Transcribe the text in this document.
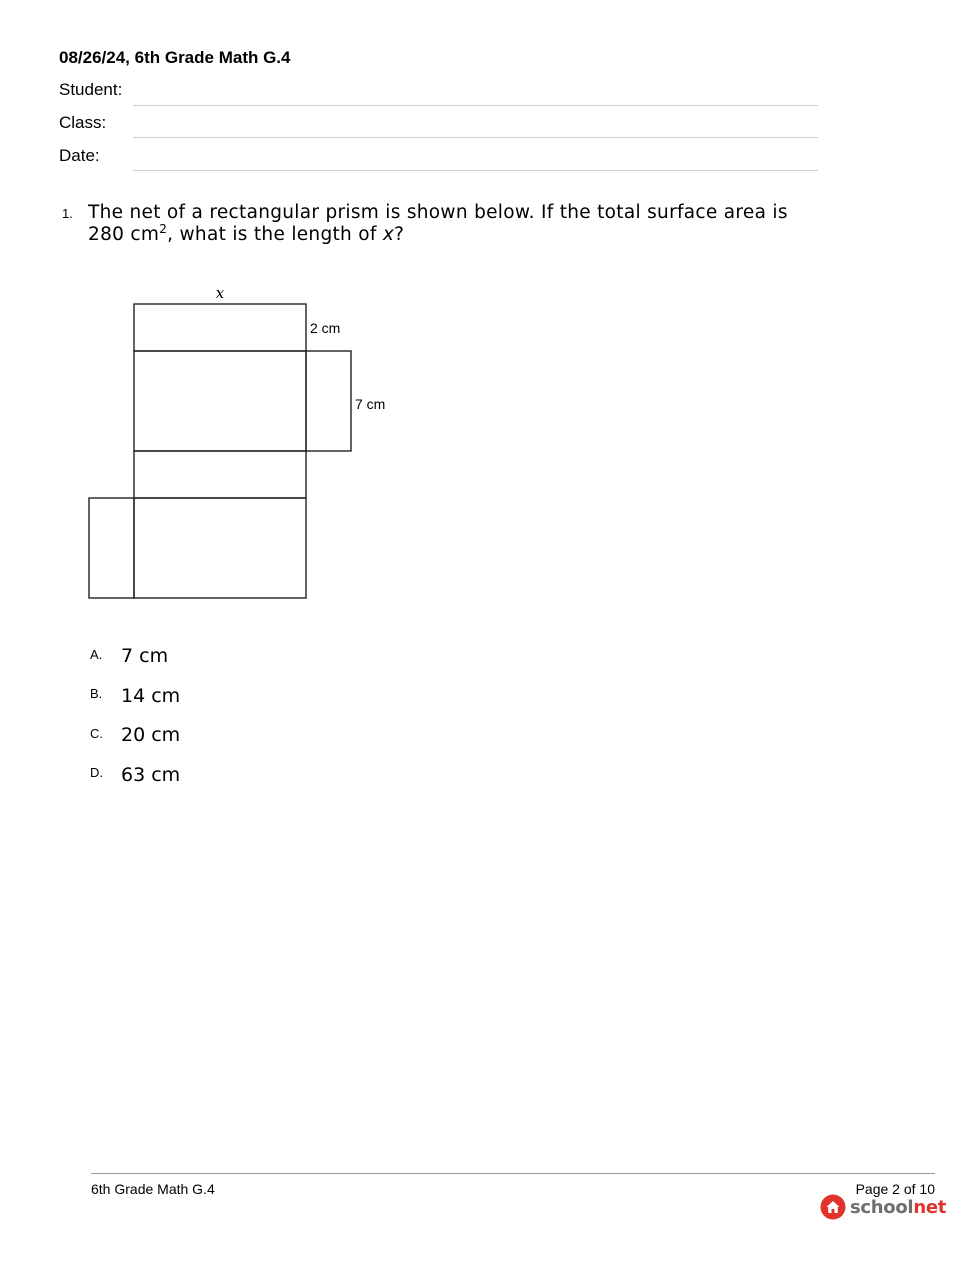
08/26/24, 6th Grade Math G.4
Student:
Class:
Date:
1. The net of a rectangular prism is shown below. If the total surface area is 280 $cm^2$, what is the length of x?
x
2 cm
7 cm
A. 7 cm
B. 14 cm
C. 20 cm
D. 63 cm
6th Grade Math G.4	Page 2 of 10
schoolnet
